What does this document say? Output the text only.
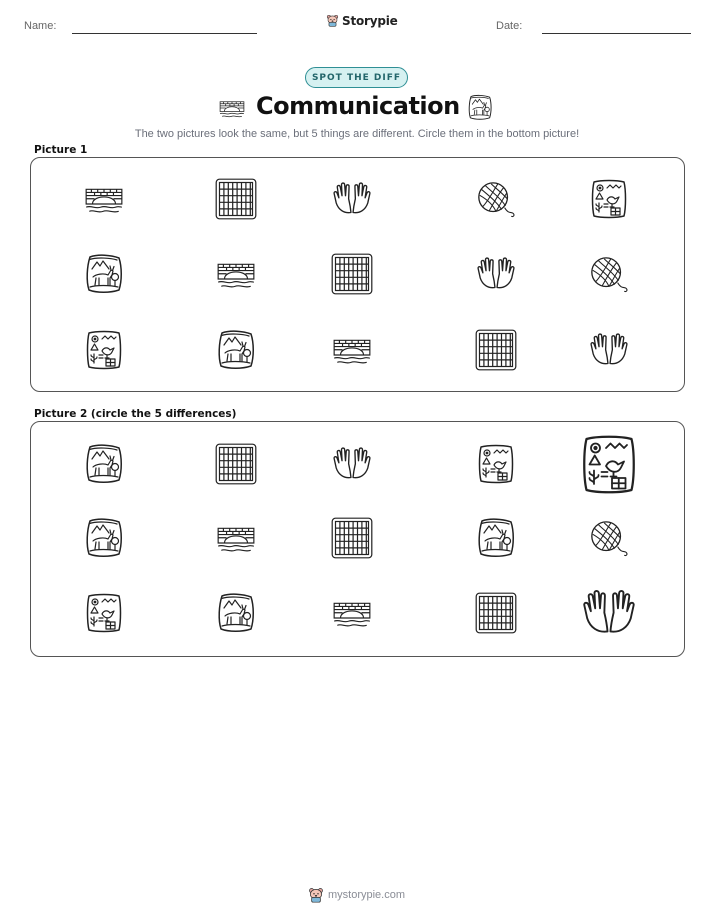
Name:	Storypie	Date:
SPOT THE DIFF
Communication
The two pictures look the same, but 5 things are different. Circle them in the bottom picture!
Picture 1
Picture 2 (circle the 5 differences)
mystorypie.com
